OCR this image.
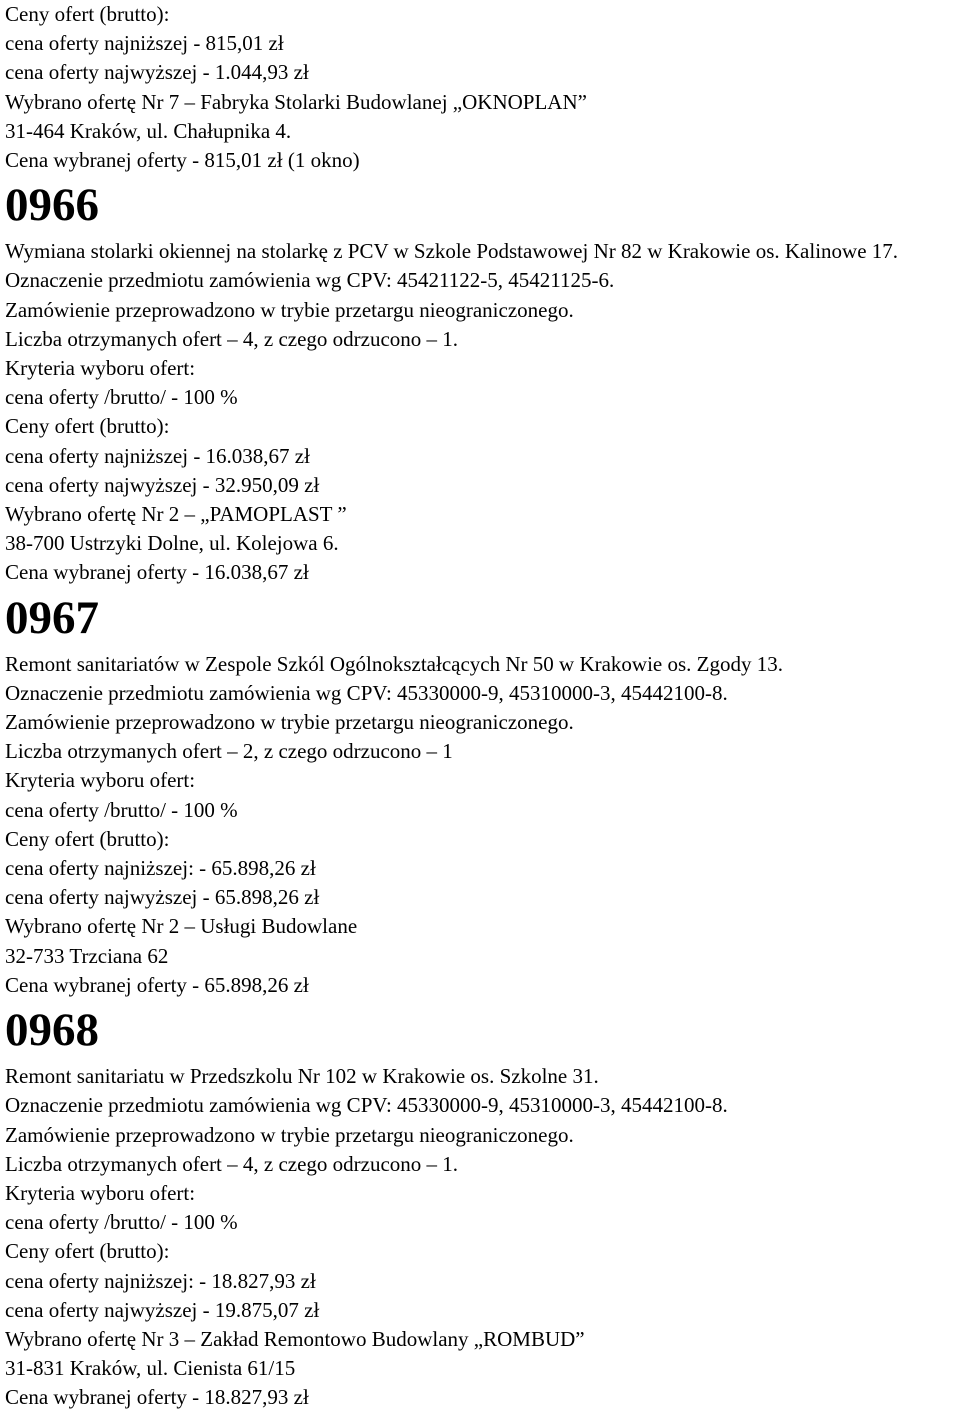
Ceny ofert (brutto):

cena oferty najniższej - 815,01 zł

cena oferty najwyższej - 1.044,93 zł

Wybrano ofertę Nr 7 – Fabryka Stolarki Budowlanej „OKNOPLAN”

31-464 Kraków, ul. Chałupnika 4.

Cena wybranej oferty - 815,01 zł (1 okno)

0966

Wymiana stolarki okiennej na stolarkę z PCV w Szkole Podstawowej Nr 82 w Krakowie os. Kalinowe 17.

Oznaczenie przedmiotu zamówienia wg CPV: 45421122-5, 45421125-6.

Zamówienie przeprowadzono w trybie przetargu nieograniczonego.

Liczba otrzymanych ofert – 4, z czego odrzucono – 1.

Kryteria wyboru ofert:

cena oferty /brutto/ - 100 %

Ceny ofert (brutto):

cena oferty najniższej - 16.038,67 zł

cena oferty najwyższej - 32.950,09 zł

Wybrano ofertę Nr 2 – „PAMOPLAST ”

38-700 Ustrzyki Dolne, ul. Kolejowa 6.

Cena wybranej oferty - 16.038,67 zł

0967

Remont sanitariatów w Zespole Szkól Ogólnokształcących Nr 50 w Krakowie os. Zgody 13.

Oznaczenie przedmiotu zamówienia wg CPV: 45330000-9, 45310000-3, 45442100-8.

Zamówienie przeprowadzono w trybie przetargu nieograniczonego.

Liczba otrzymanych ofert – 2, z czego odrzucono – 1

Kryteria wyboru ofert:

cena oferty /brutto/ - 100 %

Ceny ofert (brutto):

cena oferty najniższej: - 65.898,26 zł

cena oferty najwyższej - 65.898,26 zł

Wybrano ofertę Nr 2 – Usługi Budowlane

32-733 Trzciana 62

Cena wybranej oferty - 65.898,26 zł

0968

Remont sanitariatu w Przedszkolu Nr 102 w Krakowie os. Szkolne 31.

Oznaczenie przedmiotu zamówienia wg CPV: 45330000-9, 45310000-3, 45442100-8.

Zamówienie przeprowadzono w trybie przetargu nieograniczonego.

Liczba otrzymanych ofert – 4, z czego odrzucono – 1.

Kryteria wyboru ofert:

cena oferty /brutto/ - 100 %

Ceny ofert (brutto):

cena oferty najniższej: - 18.827,93 zł

cena oferty najwyższej - 19.875,07 zł

Wybrano ofertę Nr 3 – Zakład Remontowo Budowlany „ROMBUD”

31-831 Kraków, ul. Cienista 61/15

Cena wybranej oferty - 18.827,93 zł
